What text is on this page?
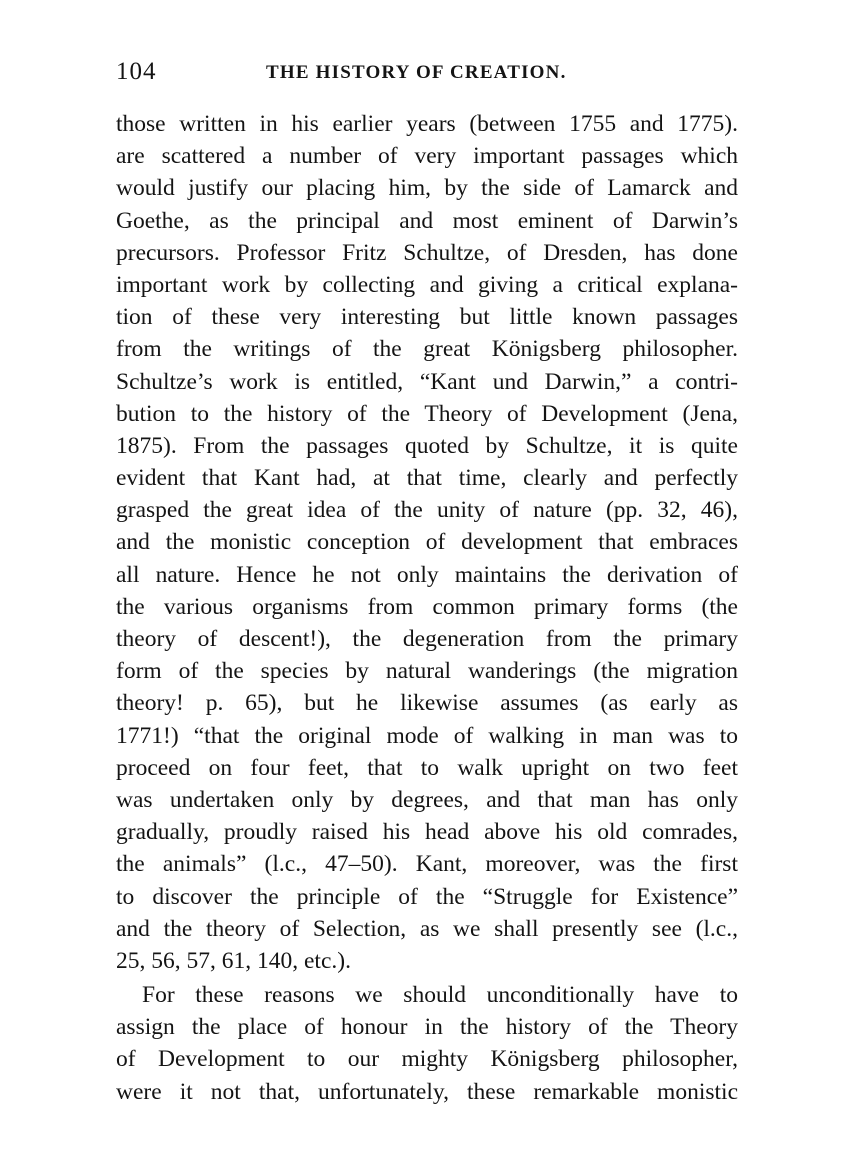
104	THE HISTORY OF CREATION.
those written in his earlier years (between 1755 and 1775).
are scattered a number of very important passages which
would justify our placing him, by the side of Lamarck and
Goethe, as the principal and most eminent of Darwin’s
precursors. Professor Fritz Schultze, of Dresden, has done
important work by collecting and giving a critical explana-
tion of these very interesting but little known passages
from the writings of the great Königsberg philosopher.
Schultze’s work is entitled, “Kant und Darwin,” a contri-
bution to the history of the Theory of Development (Jena,
1875). From the passages quoted by Schultze, it is quite
evident that Kant had, at that time, clearly and perfectly
grasped the great idea of the unity of nature (pp. 32, 46),
and the monistic conception of development that embraces
all nature. Hence he not only maintains the derivation of
the various organisms from common primary forms (the
theory of descent!), the degeneration from the primary
form of the species by natural wanderings (the migration
theory! p. 65), but he likewise assumes (as early as
1771!) “that the original mode of walking in man was to
proceed on four feet, that to walk upright on two feet
was undertaken only by degrees, and that man has only
gradually, proudly raised his head above his old comrades,
the animals” (l.c., 47–50). Kant, moreover, was the first
to discover the principle of the “Struggle for Existence”
and the theory of Selection, as we shall presently see (l.c.,
25, 56, 57, 61, 140, etc.).
For these reasons we should unconditionally have to
assign the place of honour in the history of the Theory
of Development to our mighty Königsberg philosopher,
were it not that, unfortunately, these remarkable monistic
